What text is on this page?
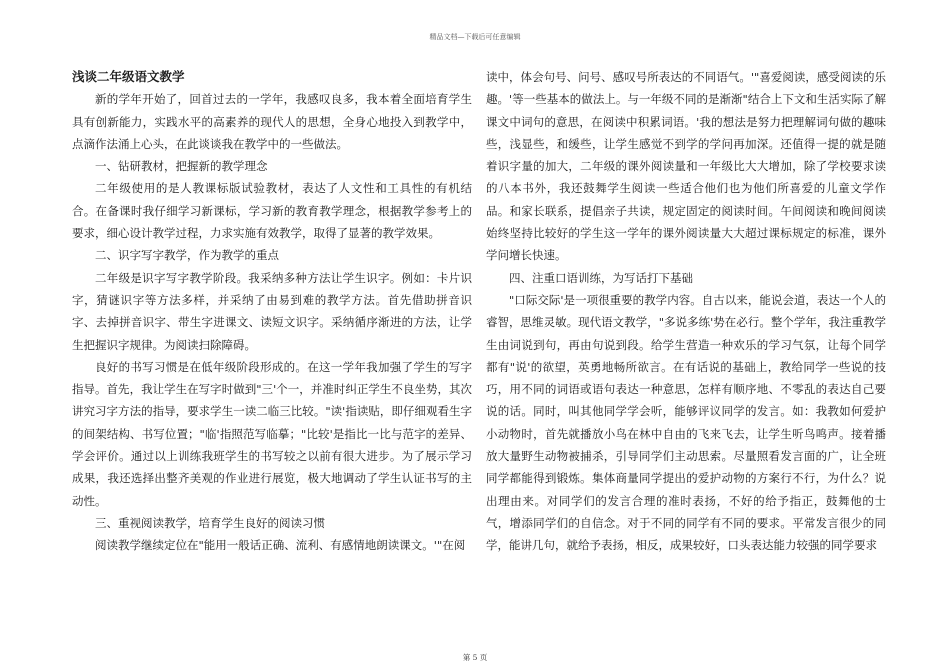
精品文档—下载后可任意编辑
浅谈二年级语文教学

新的学年开始了，回首过去的一学年，我感叹良多，我本着全面培育学生具有创新能力，实践水平的高素养的现代人的思想，全身心地投入到教学中，点滴作法涌上心头，在此谈谈我在教学中的一些做法。

一、钻研教材，把握新的教学理念

二年级使用的是人教课标版试验教材，表达了人文性和工具性的有机结合。在备课时我仔细学习新课标，学习新的教育教学理念，根据教学参考上的要求，细心设计教学过程，力求实施有效教学，取得了显著的教学效果。

二、识字写字教学，作为教学的重点

二年级是识字写字教学阶段。我采纳多种方法让学生识字。例如：卡片识字，猜谜识字等方法多样，并采纳了由易到难的教学方法。首先借助拼音识字、去掉拼音识字、带生字进课文、读短文识字。采纳循序渐进的方法，让学生把握识字规律。为阅读扫除障碍。

良好的书写习惯是在低年级阶段形成的。在这一学年我加强了学生的写字指导。首先，我让学生在写字时做到"三'个一，并准时纠正学生不良坐势，其次讲究习字方法的指导，要求学生一读二临三比较。"读'指读贴，即仔细观看生字的间架结构、书写位置；"临'指照范写临摹；"比较'是指比一比与范字的差异、学会评价。通过以上训练我班学生的书写较之以前有很大进步。为了展示学习成果，我还选择出整齐美观的作业进行展览，极大地调动了学生认证书写的主动性。

三、重视阅读教学，培育学生良好的阅读习惯

阅读教学继续定位在"能用一般话正确、流利、有感情地朗读课文。'"在阅

读中，体会句号、问号、感叹号所表达的不同语气。'"喜爱阅读，感受阅读的乐趣。'等一些基本的做法上。与一年级不同的是渐渐"结合上下文和生活实际了解课文中词句的意思，在阅读中积累词语。'我的想法是努力把理解词句做的趣味些，浅显些，和缓些，让学生感觉不到学的学问再加深。还值得一提的就是随着识字量的加大，二年级的课外阅读量和一年级比大大增加，除了学校要求读的八本书外，我还鼓舞学生阅读一些适合他们也为他们所喜爱的儿童文学作品。和家长联系，提倡亲子共读，规定固定的阅读时间。午间阅读和晚间阅读始终坚持比较好的学生这一学年的课外阅读量大大超过课标规定的标准，课外学问增长快速。

四、注重口语训练，为写话打下基础

"口际交际'是一项很重要的教学内容。自古以来，能说会道，表达一个人的睿智，思维灵敏。现代语文教学，"多说多练'势在必行。整个学年，我注重教学生由词说到句，再由句说到段。给学生营造一种欢乐的学习气氛，让每个同学都有"说'的欲望，英勇地畅所欲言。在有话说的基础上，教给同学一些说的技巧，用不同的词语或语句表达一种意思，怎样有顺序地、不零乱的表达自己要说的话。同时，叫其他同学学会听，能够评议同学的发言。如：我教如何爱护小动物时，首先就播放小鸟在林中自由的飞来飞去，让学生听鸟鸣声。接着播放大量野生动物被捕杀，引导同学们主动思索。尽量照看发言面的广，让全班同学都能得到锻炼。集体商量同学提出的爱护动物的方案行不行，为什么？说出理由来。对同学们的发言合理的准时表扬，不好的给予指正，鼓舞他的士气，增添同学们的自信念。对于不同的同学有不同的要求。平常发言很少的同学，能讲几句，就给予表扬，相反，成果较好，口头表达能力较强的同学要求

第 5 页
